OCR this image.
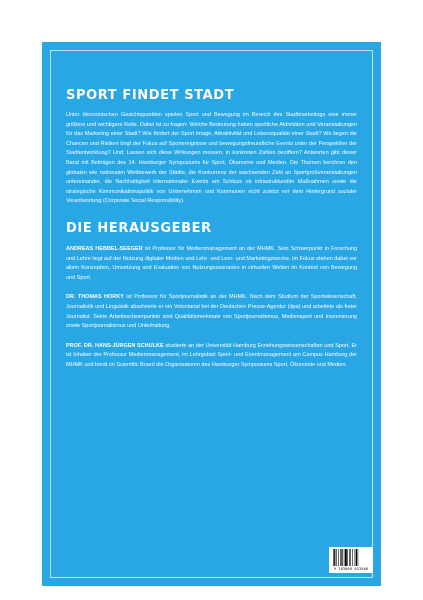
SPORT FINDET STADT

Unter ökonomischen Gesichtspunkten spielen Sport und Bewegung im Bereich des Stadtmarketings eine immer größere und wichtigere Rolle. Dabei ist zu fragen: Welche Bedeutung haben sportliche Aktivitäten und Veranstaltungen für das Marketing einer Stadt? Wie fördert der Sport Image, Attraktivität und Lebensqualität einer Stadt? Wo liegen die Chancen und Risiken birgt der Fokus auf Sportereignisse und bewegungsfreundliche Events unter der Perspektive der Stadtentwicklung? Und: Lassen sich diese Wirkungen messen, in konkreten Zahlen beziffern? Antworten gibt dieser Band mit Beiträgen des 14. Hamburger Symposiums für Sport, Ökonomie und Medien. Die Themen berühren den globalen wie nationalen Wettbewerb der Städte, die Konkurrenz der wachsenden Zahl an Sportgroßveranstaltungen untereinander, die Nachhaltigkeit internationaler Events am Schluss ob infrastruktureller Maßnahmen sowie die strategische Kommunikationspolitik von Unternehmen und Kommunen nicht zuletzt vor dem Hintergrund sozialer Verantwortung (Corporate Social Responsibility).

DIE HERAUSGEBER

ANDREAS HEBBEL-SEEGER ist Professor für Medienmanagement an der MHMK. Sein Schwerpunkt in Forschung und Lehre liegt auf der Nutzung digitaler Medien und Lehr- und Lern- und Marketingzwecke. Im Fokus stehen dabei vor allem Konzeption, Umsetzung und Evaluation von Nutzungsszenarien in virtuellen Welten im Kontext von Bewegung und Sport.

DR. THOMAS HORKY ist Professor für Sportjournalistik an der MHMK. Nach dem Studium der Sportwissenschaft, Journalistik und Linguistik absolvierte er ein Volontariat bei der Deutschen Presse-Agentur (dpa) und arbeitete als freier Journalist. Seine Arbeitsschwerpunkte sind Qualitätsmerkmale von Sportjournalismus, Mediensport und Inszenierung sowie Sportjournalismus und Unterhaltung.

PROF. DR. HANS-JÜRGEN SCHULKE studierte an der Universität Hamburg Erziehungswissenschaften und Sport. Er ist Inhaber der Professur Medienmanagement, im Lehrgebiet Sport- und Eventmanagement am Campus Hamburg der MHMK und berät im Scientific Board die Organisatoren des Hamburger Symposiums Sport, Ökonomie und Medien.

9 783869 623566
